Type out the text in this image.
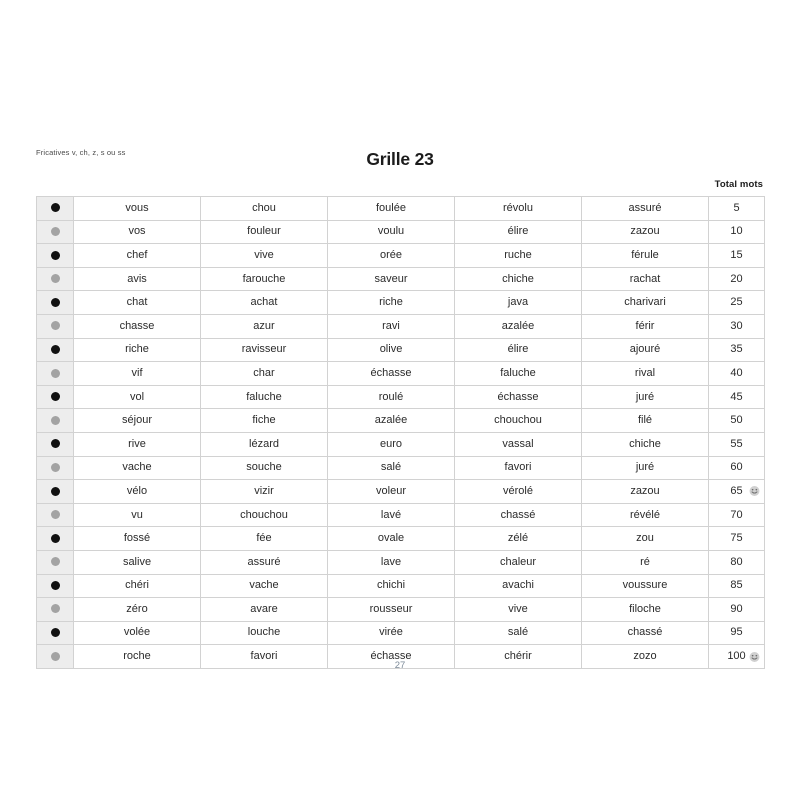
Fricatives v, ch, z, s ou ss	Grille 23
Total mots
	vous	chou	foulée	révolu	assuré	5
	vos	fouleur	voulu	élire	zazou	10
	chef	vive	orée	ruche	férule	15
	avis	farouche	saveur	chiche	rachat	20
	chat	achat	riche	java	charivari	25
	chasse	azur	ravi	azalée	férir	30
	riche	ravisseur	olive	élire	ajouré	35
	vif	char	échasse	faluche	rival	40
	vol	faluche	roulé	échasse	juré	45
	séjour	fiche	azalée	chouchou	filé	50
	rive	lézard	euro	vassal	chiche	55
	vache	souche	salé	favori	juré	60
	vélo	vizir	voleur	vérolé	zazou	65

	vu	chouchou	lavé	chassé	révélé	70
	fossé	fée	ovale	zélé	zou	75
	salive	assuré	lave	chaleur	ré	80
	chéri	vache	chichi	avachi	voussure	85
	zéro	avare	rousseur	vive	filoche	90
	volée	louche	virée	salé	chassé	95
	roche	favori	échasse	chérir	zozo	100
27
